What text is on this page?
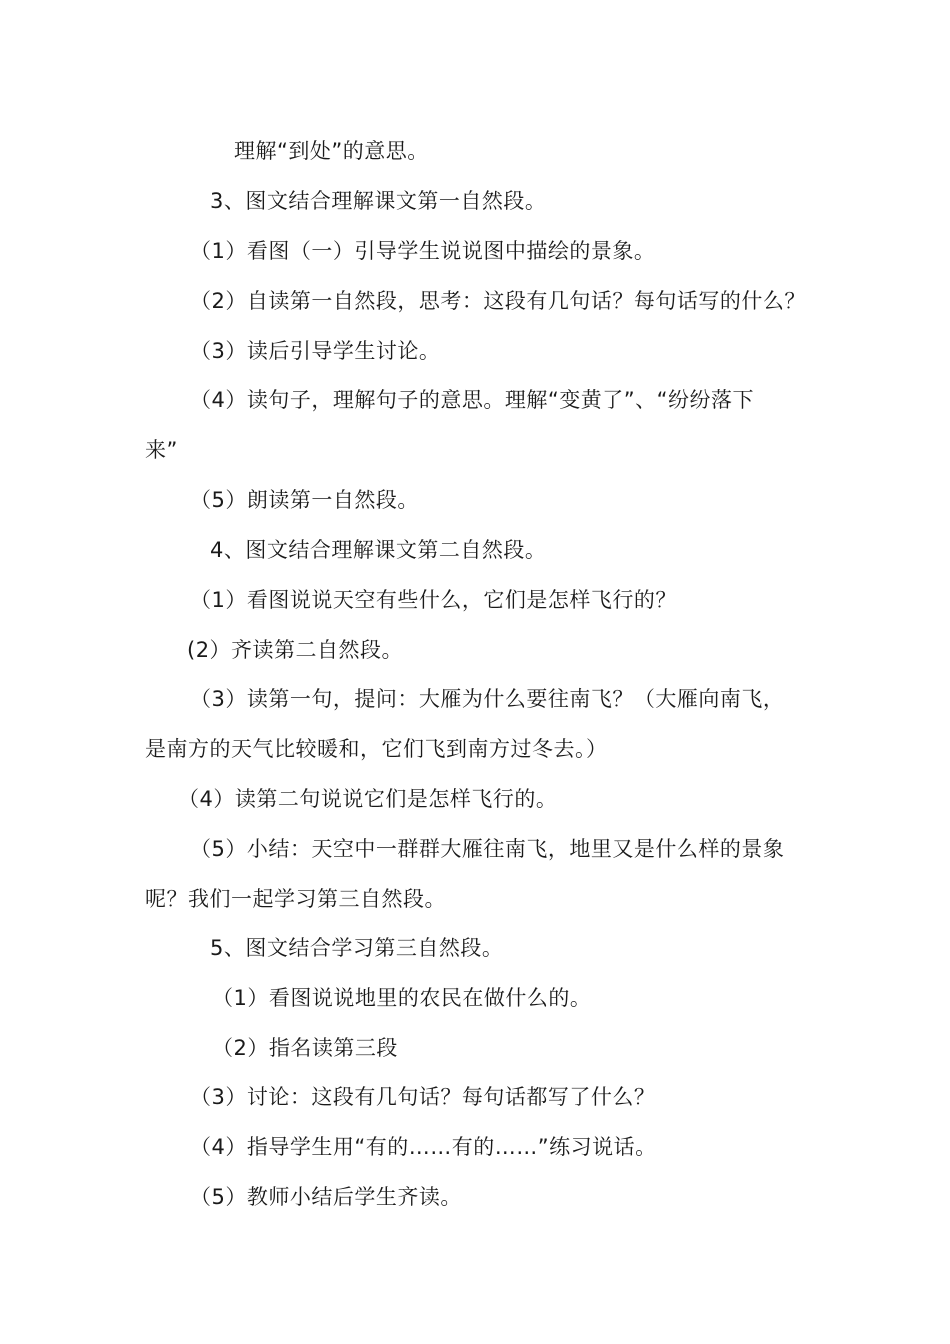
理解“到处”的意思。
3、图文结合理解课文第一自然段。
（1）看图（一）引导学生说说图中描绘的景象。
（2）自读第一自然段，思考：这段有几句话？每句话写的什么？
（3）读后引导学生讨论。
（4）读句子，理解句子的意思。理解“变黄了”、“纷纷落下
来”
（5）朗读第一自然段。
4、图文结合理解课文第二自然段。
（1）看图说说天空有些什么，它们是怎样飞行的？
(2）齐读第二自然段。
（3）读第一句，提问：大雁为什么要往南飞？（大雁向南飞，
是南方的天气比较暖和，它们飞到南方过冬去。）
（4）读第二句说说它们是怎样飞行的。
（5）小结：天空中一群群大雁往南飞，地里又是什么样的景象
呢？我们一起学习第三自然段。
5、图文结合学习第三自然段。
（1）看图说说地里的农民在做什么的。
（2）指名读第三段
（3）讨论：这段有几句话？每句话都写了什么？
（4）指导学生用“有的……有的……”练习说话。
（5）教师小结后学生齐读。
